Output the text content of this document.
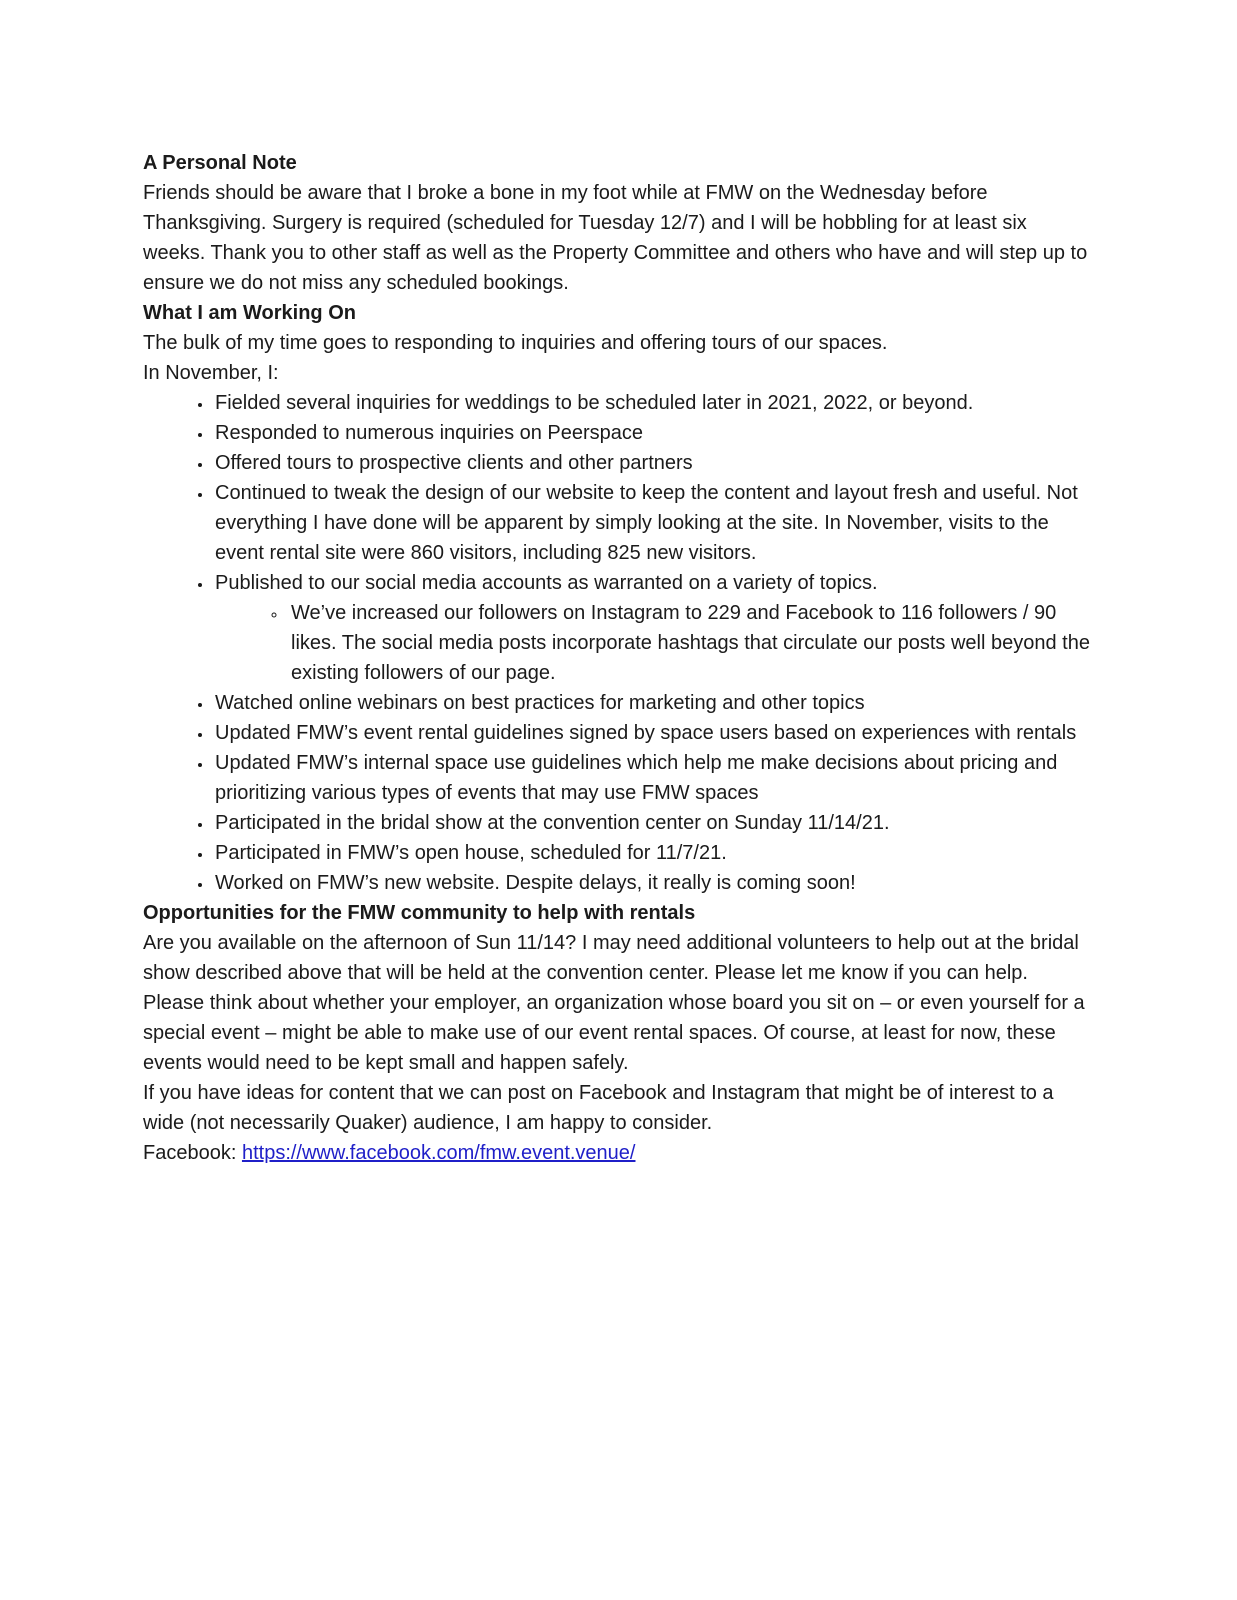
A Personal Note

Friends should be aware that I broke a bone in my foot while at FMW on the Wednesday before Thanksgiving. Surgery is required (scheduled for Tuesday 12/7) and I will be hobbling for at least six weeks. Thank you to other staff as well as the Property Committee and others who have and will step up to ensure we do not miss any scheduled bookings.

What I am Working On

The bulk of my time goes to responding to inquiries and offering tours of our spaces.

In November, I:

• Fielded several inquiries for weddings to be scheduled later in 2021, 2022, or beyond.
• Responded to numerous inquiries on Peerspace
• Offered tours to prospective clients and other partners
• Continued to tweak the design of our website to keep the content and layout fresh and useful. Not everything I have done will be apparent by simply looking at the site. In November, visits to the event rental site were 860 visitors, including 825 new visitors.
• Published to our social media accounts as warranted on a variety of topics.
◦ We’ve increased our followers on Instagram to 229 and Facebook to 116 followers / 90 likes. The social media posts incorporate hashtags that circulate our posts well beyond the existing followers of our page.
• Watched online webinars on best practices for marketing and other topics
• Updated FMW’s event rental guidelines signed by space users based on experiences with rentals
• Updated FMW’s internal space use guidelines which help me make decisions about pricing and prioritizing various types of events that may use FMW spaces
• Participated in the bridal show at the convention center on Sunday 11/14/21.
• Participated in FMW’s open house, scheduled for 11/7/21.
• Worked on FMW’s new website. Despite delays, it really is coming soon!
Opportunities for the FMW community to help with rentals

Are you available on the afternoon of Sun 11/14? I may need additional volunteers to help out at the bridal show described above that will be held at the convention center. Please let me know if you can help.

Please think about whether your employer, an organization whose board you sit on – or even yourself for a special event – might be able to make use of our event rental spaces. Of course, at least for now, these events would need to be kept small and happen safely.

If you have ideas for content that we can post on Facebook and Instagram that might be of interest to a wide (not necessarily Quaker) audience, I am happy to consider.

Facebook: https://www.facebook.com/fmw.event.venue/
